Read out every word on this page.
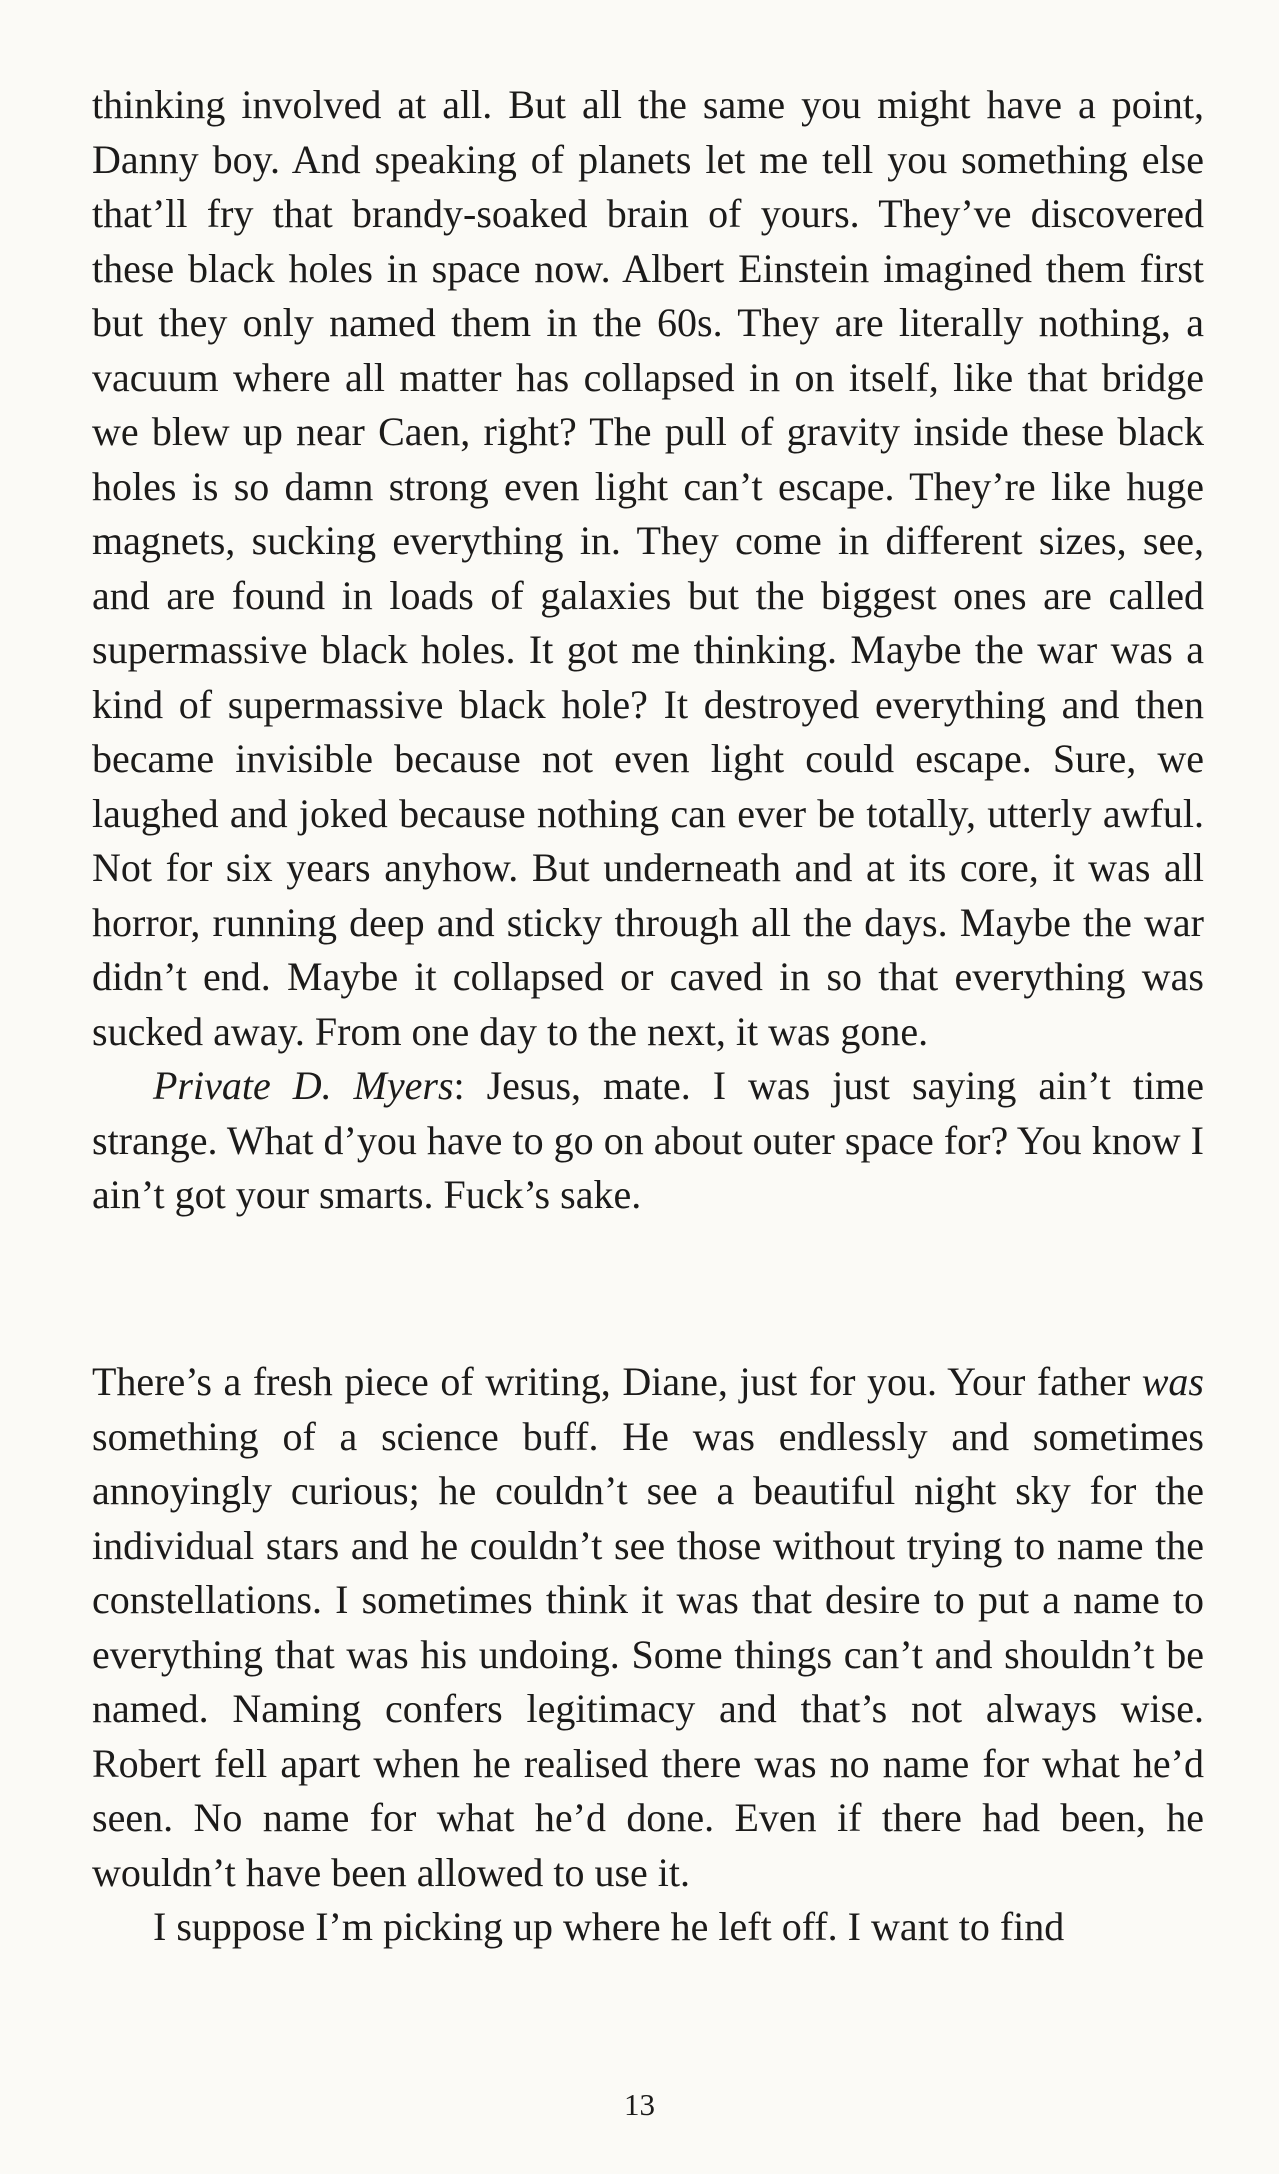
thinking involved at all. But all the same you might have a point, Danny boy. And speaking of planets let me tell you something else that’ll fry that brandy-soaked brain of yours. They’ve discovered these black holes in space now. Albert Einstein imagined them first but they only named them in the 60s. They are literally nothing, a vacuum where all matter has collapsed in on itself, like that bridge we blew up near Caen, right? The pull of gravity inside these black holes is so damn strong even light can’t escape. They’re like huge magnets, sucking everything in. They come in different sizes, see, and are found in loads of galaxies but the biggest ones are called supermassive black holes. It got me thinking. Maybe the war was a kind of supermassive black hole? It destroyed everything and then became invisible because not even light could escape. Sure, we laughed and joked because nothing can ever be totally, utterly awful. Not for six years anyhow. But underneath and at its core, it was all horror, running deep and sticky through all the days. Maybe the war didn’t end. Maybe it collapsed or caved in so that everything was sucked away. From one day to the next, it was gone.

Private D. Myers: Jesus, mate. I was just saying ain’t time strange. What d’you have to go on about outer space for? You know I ain’t got your smarts. Fuck’s sake.

There’s a fresh piece of writing, Diane, just for you. Your father was something of a science buff. He was endlessly and sometimes annoyingly curious; he couldn’t see a beautiful night sky for the individual stars and he couldn’t see those without trying to name the constellations. I sometimes think it was that desire to put a name to everything that was his undoing. Some things can’t and shouldn’t be named. Naming confers legitimacy and that’s not always wise. Robert fell apart when he realised there was no name for what he’d seen. No name for what he’d done. Even if there had been, he wouldn’t have been allowed to use it.

I suppose I’m picking up where he left off. I want to find

13
